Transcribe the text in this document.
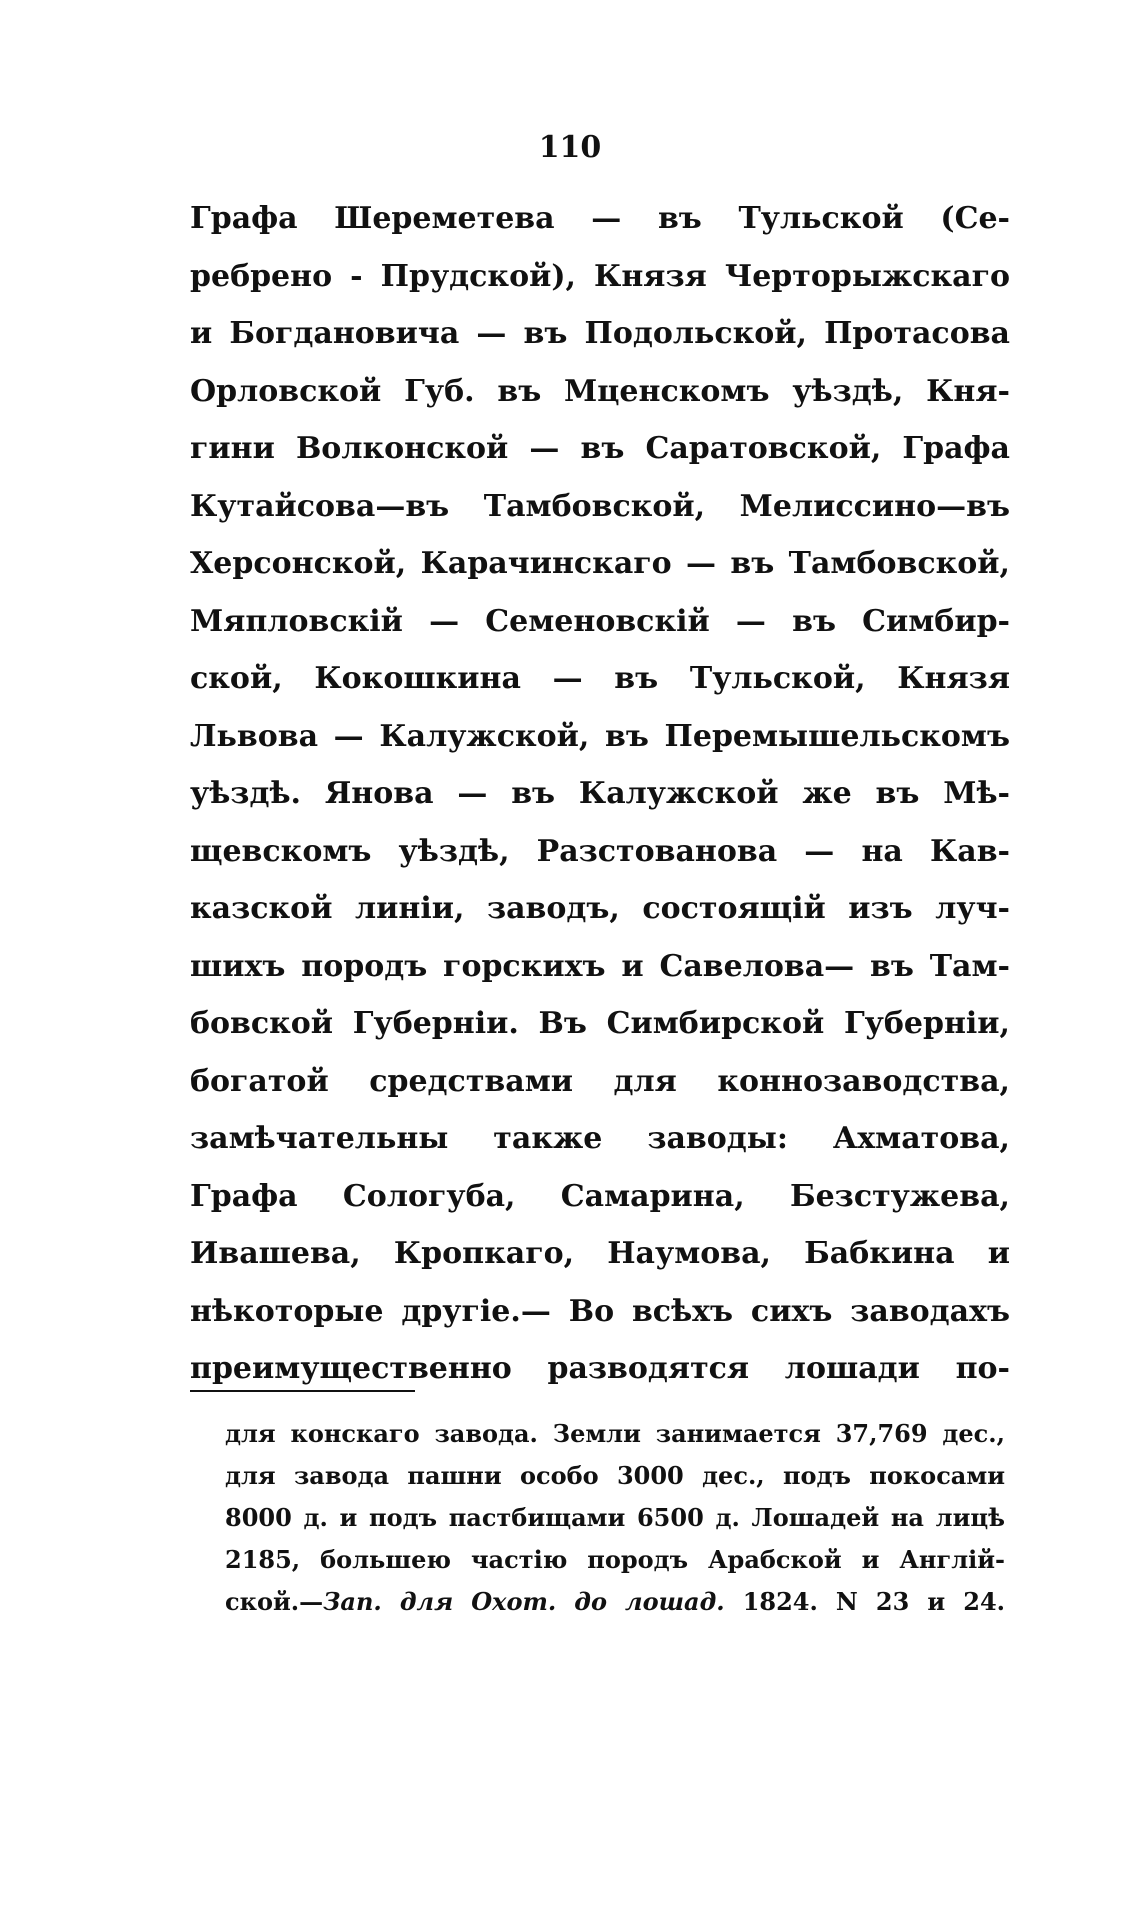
110
Графа Шереметева — въ Тульской (Се-
ребрено - Прудской), Князя Черторыжскаго
и Богдановича — въ Подольской, Протасова
Орловской Губ. въ Мценскомъ уѣздѣ, Кня-
гини Волконской — въ Саратовской, Графа
Кутайсова—въ Тамбовской, Мелиссино—въ
Херсонской, Карачинскаго — въ Тамбовской,
Мяпловскій — Семеновскій — въ Симбир-
ской, Кокошкина — въ Тульской, Князя
Львова — Калужской, въ Перемышельскомъ
уѣздѣ. Янова — въ Калужской же въ Мѣ-
щевскомъ уѣздѣ, Разстованова — на Кав-
казской линіи, заводъ, состоящій изъ луч-
шихъ породъ горскихъ и Савелова— въ Там-
бовской Губерніи. Въ Симбирской Губерніи,
богатой средствами для коннозаводства,
замѣчательны также заводы: Ахматова,
Графа Сологуба, Самарина, Безстужева,
Ивашева, Кропкаго, Наумова, Бабкина и
нѣкоторые другіе.— Во всѣхъ сихъ заводахъ
преимущественно разводятся лошади по-
для конскаго завода. Земли занимается 37,769 дес.,
для завода пашни особо 3000 дес., подъ покосами
8000 д. и подъ пастбищами 6500 д. Лошадей на лицѣ
2185, большею частію породъ Арабской и Англій-
ской.—Зап. для Охот. до лошад. 1824. N 23 и 24.
